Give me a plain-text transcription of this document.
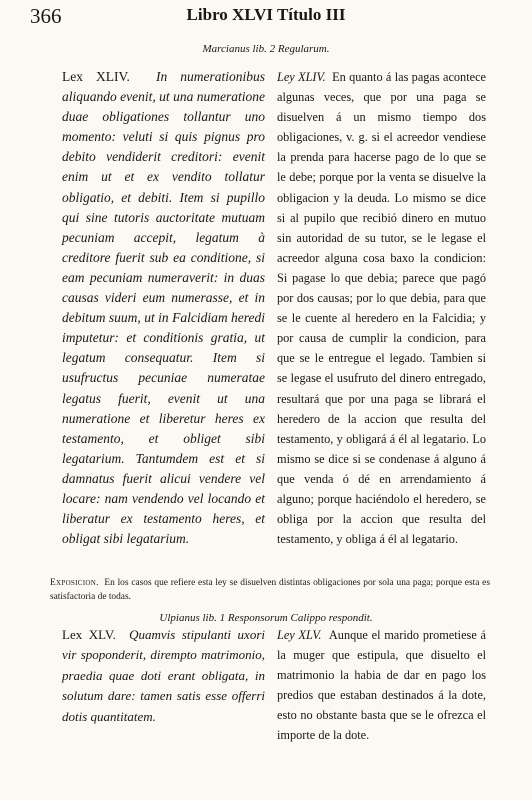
366	Libro XLVI Título III
Marcianus lib. 2 Regularum.

Lex XLIV. In numerationibus aliquando evenit, ut una numeratione duae obligationes tollantur uno momento: veluti si quis pignus pro debito vendiderit creditori: evenit enim ut et ex vendito tollatur obligatio, et debiti. Item si pupillo qui sine tutoris auctoritate mutuam pecuniam accepit, legatum à creditore fuerit sub ea conditione, si eam pecuniam numeraverit: in duas causas videri eum numerasse, et in debitum suum, ut in Falcidiam heredi imputetur: et conditionis gratia, ut legatum consequatur. Item si usufructus pecuniae numeratae legatus fuerit, evenit ut una numeratione et liberetur heres ex testamento, et obliget sibi legatarium. Tantumdem est et si damnatus fuerit alicui vendere vel locare: nam vendendo vel locando et liberatur ex testamento heres, et obligat sibi legatarium.

Ley XLIV. En quanto á las pagas acontece algunas veces, que por una paga se disuelven á un mismo tiempo dos obligaciones, v. g. si el acreedor vendiese la prenda para hacerse pago de lo que se le debe; porque por la venta se disuelve la obligacion y la deuda. Lo mismo se dice si al pupilo que recibió dinero en mutuo sin autoridad de su tutor, se le legase el acreedor alguna cosa baxo la condicion: Si pagase lo que debia; parece que pagó por dos causas; por lo que debia, para que se le cuente al heredero en la Falcidia; y por causa de cumplir la condicion, para que se le entregue el legado. Tambien si se legase el usufruto del dinero entregado, resultará que por una paga se librará el heredero de la accion que resulta del testamento, y obligará á él al legatario. Lo mismo se dice si se condenase á alguno á que venda ó dé en arrendamiento á alguno; porque haciéndolo el heredero, se obliga por la accion que resulta del testamento, y obliga á él al legatario.

Exposicion. En los casos que refiere esta ley se disuelven distintas obligaciones por sola una paga; porque esta es satisfactoria de todas.
Ulpianus lib. 1 Responsorum Calippo respondit.

Lex XLV. Quamvis stipulanti uxori vir spoponderit, dirempto matrimonio, praedia quae doti erant obligata, in solutum dare: tamen satis esse offerri dotis quantitatem.

Ley XLV. Aunque el marido prometiese á la muger que estipula, que disuelto el matrimonio la habia de dar en pago los predios que estaban destinados á la dote, esto no obstante basta que se le ofrezca el importe de la dote.
